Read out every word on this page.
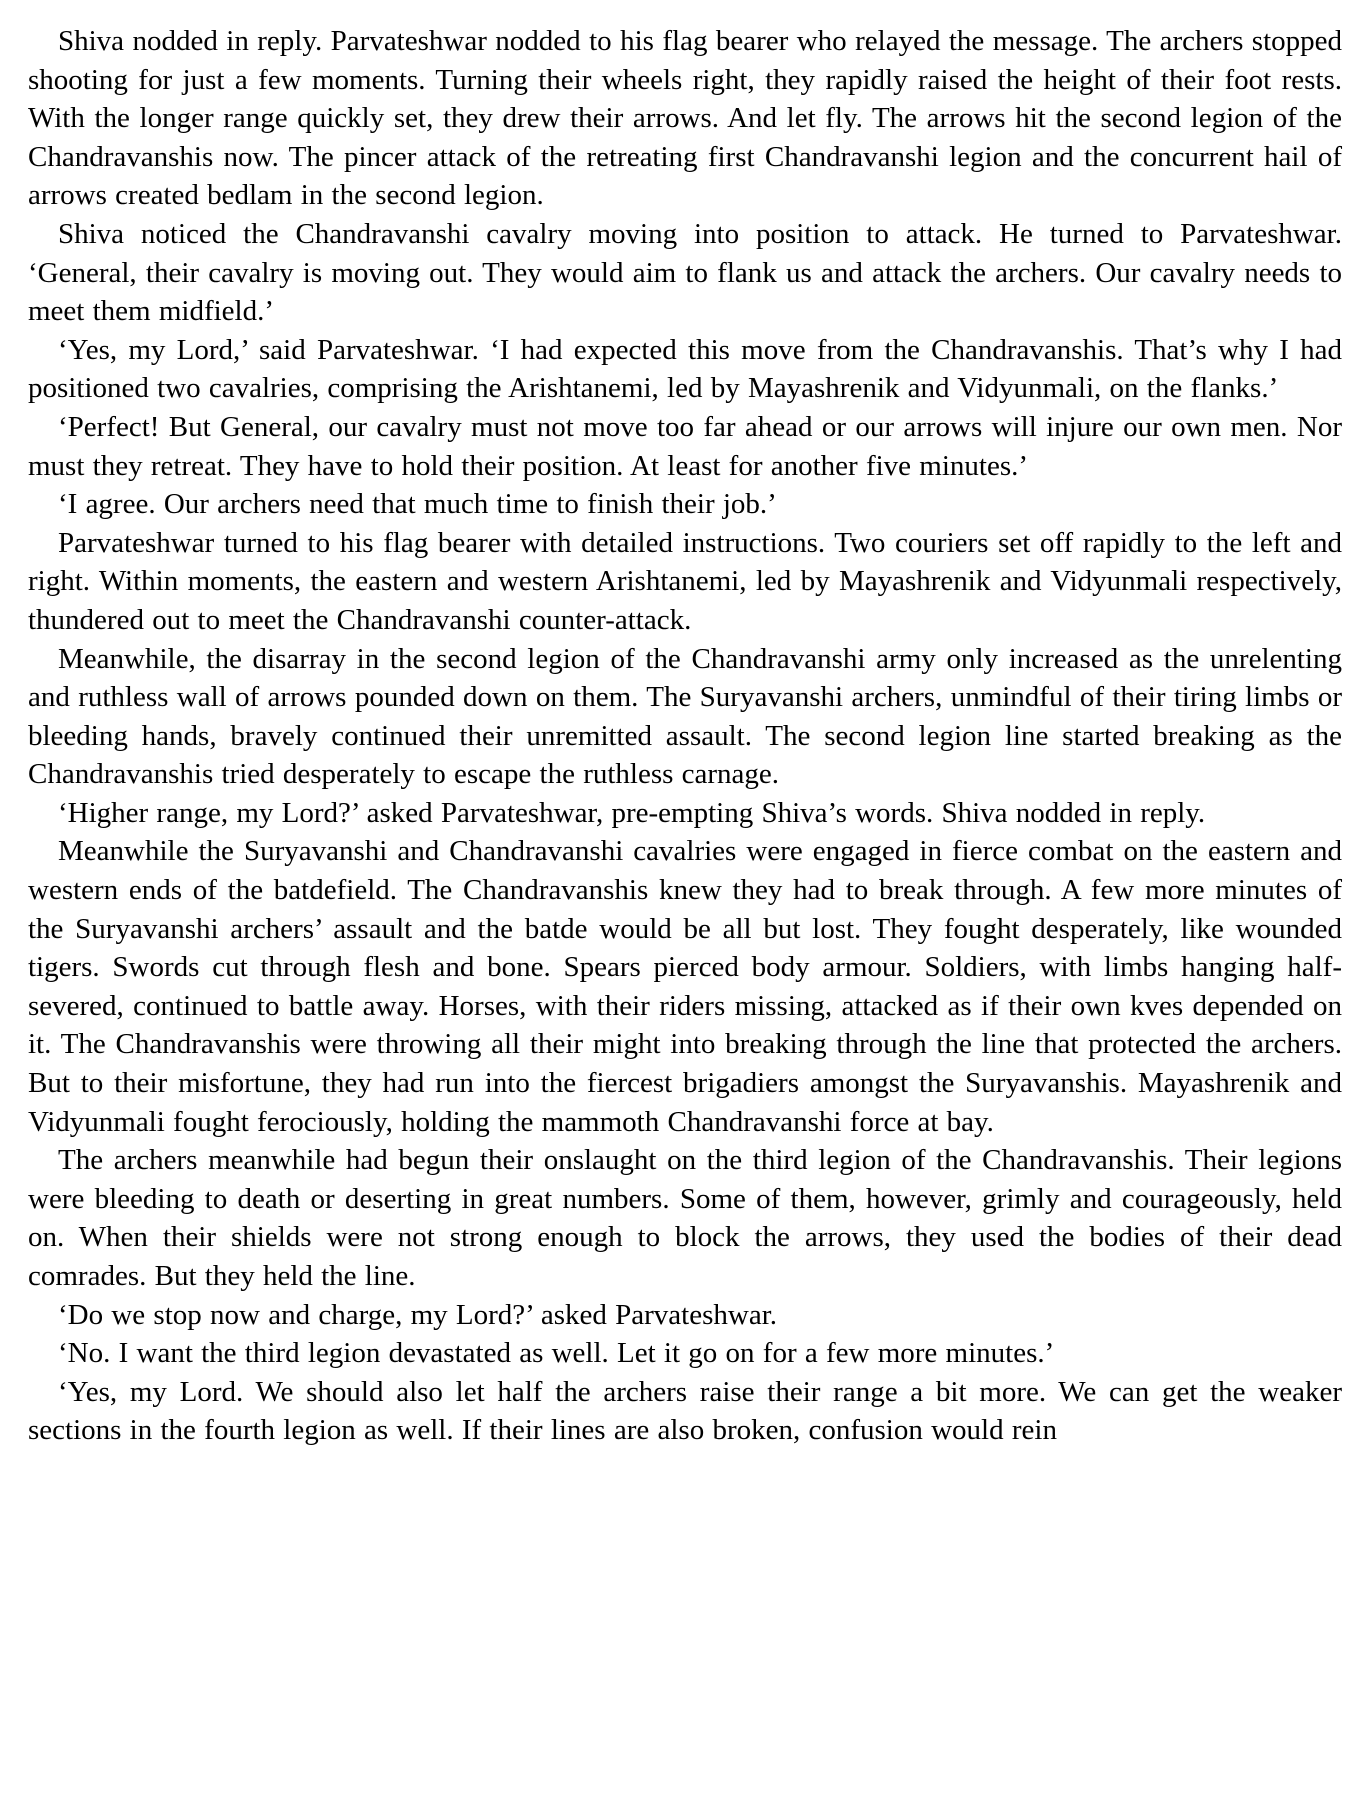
Shiva nodded in reply. Parvateshwar nodded to his flag bearer who relayed the message. The archers stopped shooting for just a few moments. Turning their wheels right, they rapidly raised the height of their foot rests. With the longer range quickly set, they drew their arrows. And let fly. The arrows hit the second legion of the Chandravanshis now. The pincer attack of the retreating first Chandravanshi legion and the concurrent hail of arrows created bedlam in the second legion.

Shiva noticed the Chandravanshi cavalry moving into position to attack. He turned to Parvateshwar. ‘General, their cavalry is moving out. They would aim to flank us and attack the archers. Our cavalry needs to meet them midfield.’

‘Yes, my Lord,’ said Parvateshwar. ‘I had expected this move from the Chandravanshis. That’s why I had positioned two cavalries, comprising the Arishtanemi, led by Mayashrenik and Vidyunmali, on the flanks.’

‘Perfect! But General, our cavalry must not move too far ahead or our arrows will injure our own men. Nor must they retreat. They have to hold their position. At least for another five minutes.’

‘I agree. Our archers need that much time to finish their job.’

Parvateshwar turned to his flag bearer with detailed instructions. Two couriers set off rapidly to the left and right. Within moments, the eastern and western Arishtanemi, led by Mayashrenik and Vidyunmali respectively, thundered out to meet the Chandravanshi counter-attack.

Meanwhile, the disarray in the second legion of the Chandravanshi army only increased as the unrelenting and ruthless wall of arrows pounded down on them. The Suryavanshi archers, unmindful of their tiring limbs or bleeding hands, bravely continued their unremitted assault. The second legion line started breaking as the Chandravanshis tried desperately to escape the ruthless carnage.

‘Higher range, my Lord?’ asked Parvateshwar, pre-empting Shiva’s words. Shiva nodded in reply.

Meanwhile the Suryavanshi and Chandravanshi cavalries were engaged in fierce combat on the eastern and western ends of the batdefield. The Chandravanshis knew they had to break through. A few more minutes of the Suryavanshi archers’ assault and the batde would be all but lost. They fought desperately, like wounded tigers. Swords cut through flesh and bone. Spears pierced body armour. Soldiers, with limbs hanging half-severed, continued to battle away. Horses, with their riders missing, attacked as if their own kves depended on it. The Chandravanshis were throwing all their might into breaking through the line that protected the archers. But to their misfortune, they had run into the fiercest brigadiers amongst the Suryavanshis. Mayashrenik and Vidyunmali fought ferociously, holding the mammoth Chandravanshi force at bay.

The archers meanwhile had begun their onslaught on the third legion of the Chandravanshis. Their legions were bleeding to death or deserting in great numbers. Some of them, however, grimly and courageously, held on. When their shields were not strong enough to block the arrows, they used the bodies of their dead comrades. But they held the line.

‘Do we stop now and charge, my Lord?’ asked Parvateshwar.

‘No. I want the third legion devastated as well. Let it go on for a few more minutes.’

‘Yes, my Lord. We should also let half the archers raise their range a bit more. We can get the weaker sections in the fourth legion as well. If their lines are also broken, confusion would rein
